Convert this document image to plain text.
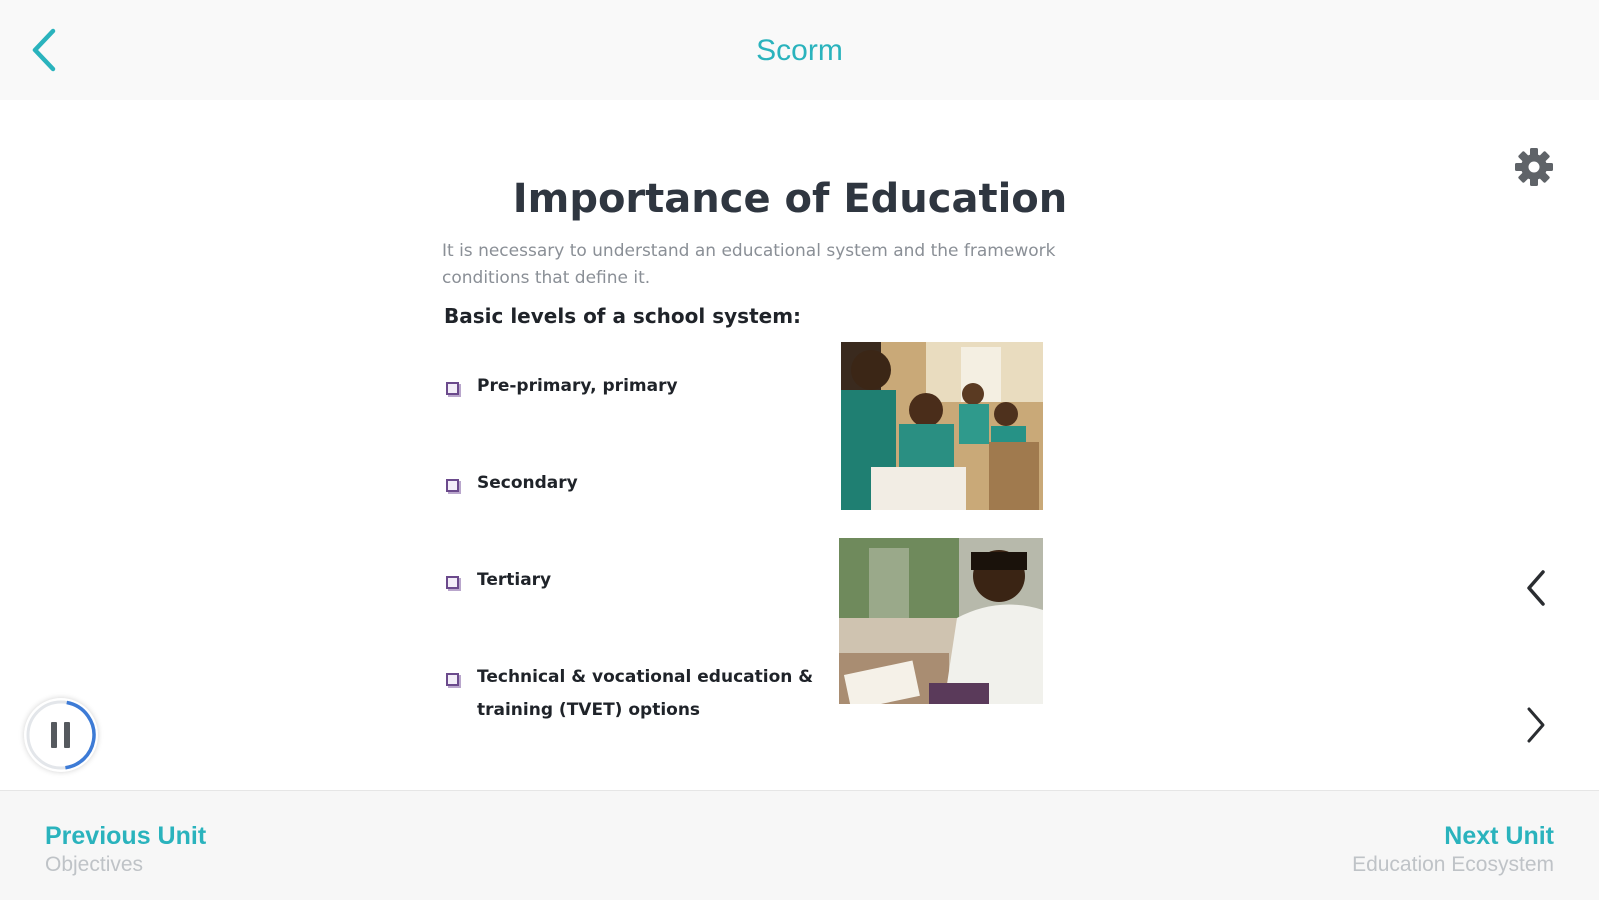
Scorm
Importance of Education
It is necessary to understand an educational system and the framework conditions that define it.
Basic levels of a school system:
Pre-primary, primary
Secondary
Tertiary
Technical & vocational education & training (TVET) options
Previous Unit
Objectives
Next Unit
Education Ecosystem
